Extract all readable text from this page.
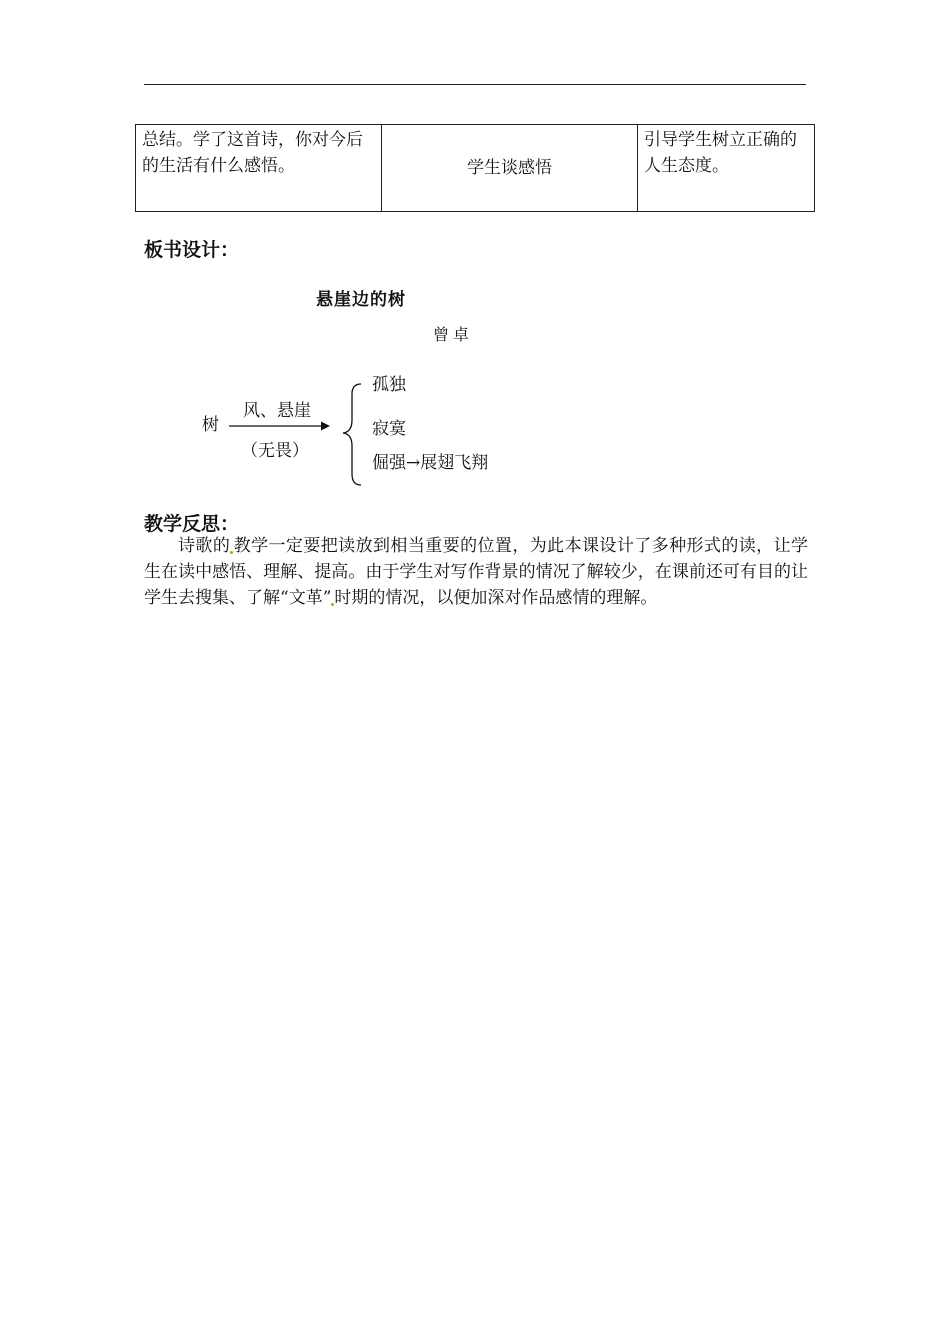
总结。学了这首诗，你对今后的生活有什么感悟。	学生谈感悟	引导学生树立正确的人生态度。
板书设计：
悬崖边的树
曾卓
树
风、悬崖
（无畏）
孤独
寂寞
倔强→展翅飞翔
教学反思：
诗歌的 教学一定要把读放到相当重要的位置，为此本课设计了多种形式的读，让学生在读中感悟、理解、提高。由于学生对写作背景的情况了解较少，在课前还可有目的让学生去搜集、了解“文革” 时期的情况，以便加深对作品感情的理解。
